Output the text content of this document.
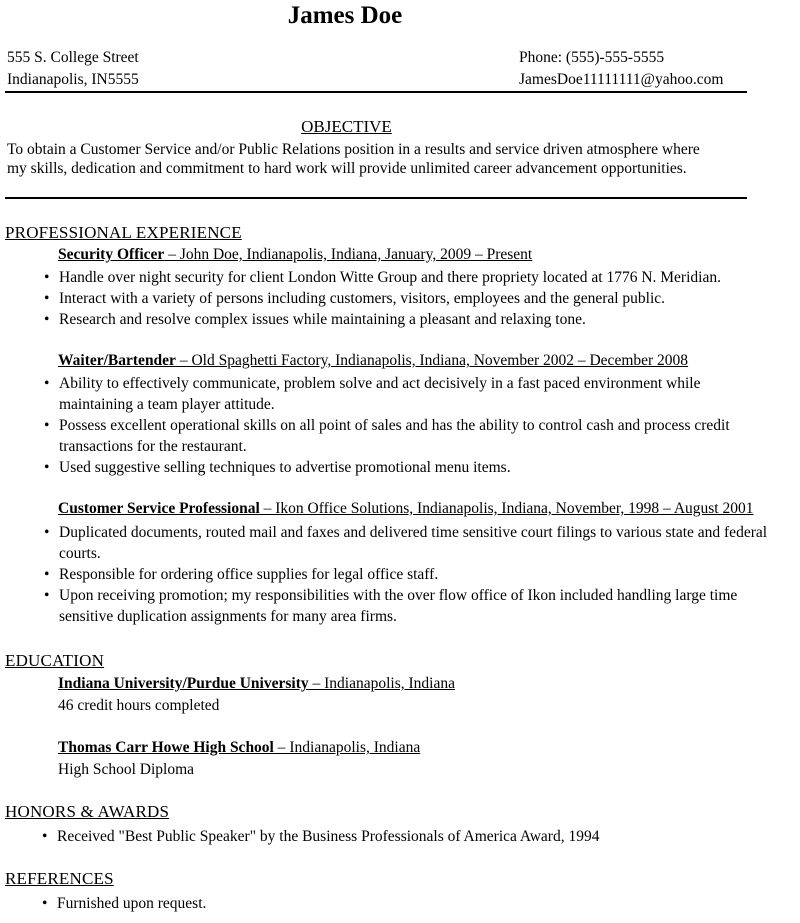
James Doe
555 S. College Street
Indianapolis, IN5555
Phone: (555)-555-5555
JamesDoe11111111@yahoo.com
OBJECTIVE
To obtain a Customer Service and/or Public Relations position in a results and service driven atmosphere where
my skills, dedication and commitment to hard work will provide unlimited career advancement opportunities.
PROFESSIONAL EXPERIENCE
Security Officer – John Doe, Indianapolis, Indiana, January, 2009 – Present
• Handle over night security for client London Witte Group and there propriety located at 1776 N. Meridian.
• Interact with a variety of persons including customers, visitors, employees and the general public.
• Research and resolve complex issues while maintaining a pleasant and relaxing tone.
Waiter/Bartender – Old Spaghetti Factory, Indianapolis, Indiana, November 2002 – December 2008
• Ability to effectively communicate, problem solve and act decisively in a fast paced environment while maintaining a team player attitude.
• Possess excellent operational skills on all point of sales and has the ability to control cash and process credit transactions for the restaurant.
• Used suggestive selling techniques to advertise promotional menu items.
Customer Service Professional – Ikon Office Solutions, Indianapolis, Indiana, November, 1998 – August 2001
• Duplicated documents, routed mail and faxes and delivered time sensitive court filings to various state and federal courts.
• Responsible for ordering office supplies for legal office staff.
• Upon receiving promotion; my responsibilities with the over flow office of Ikon included handling large time sensitive duplication assignments for many area firms.
EDUCATION
Indiana University/Purdue University – Indianapolis, Indiana
46 credit hours completed
Thomas Carr Howe High School – Indianapolis, Indiana
High School Diploma
HONORS & AWARDS
• Received "Best Public Speaker" by the Business Professionals of America Award, 1994
REFERENCES
• Furnished upon request.
